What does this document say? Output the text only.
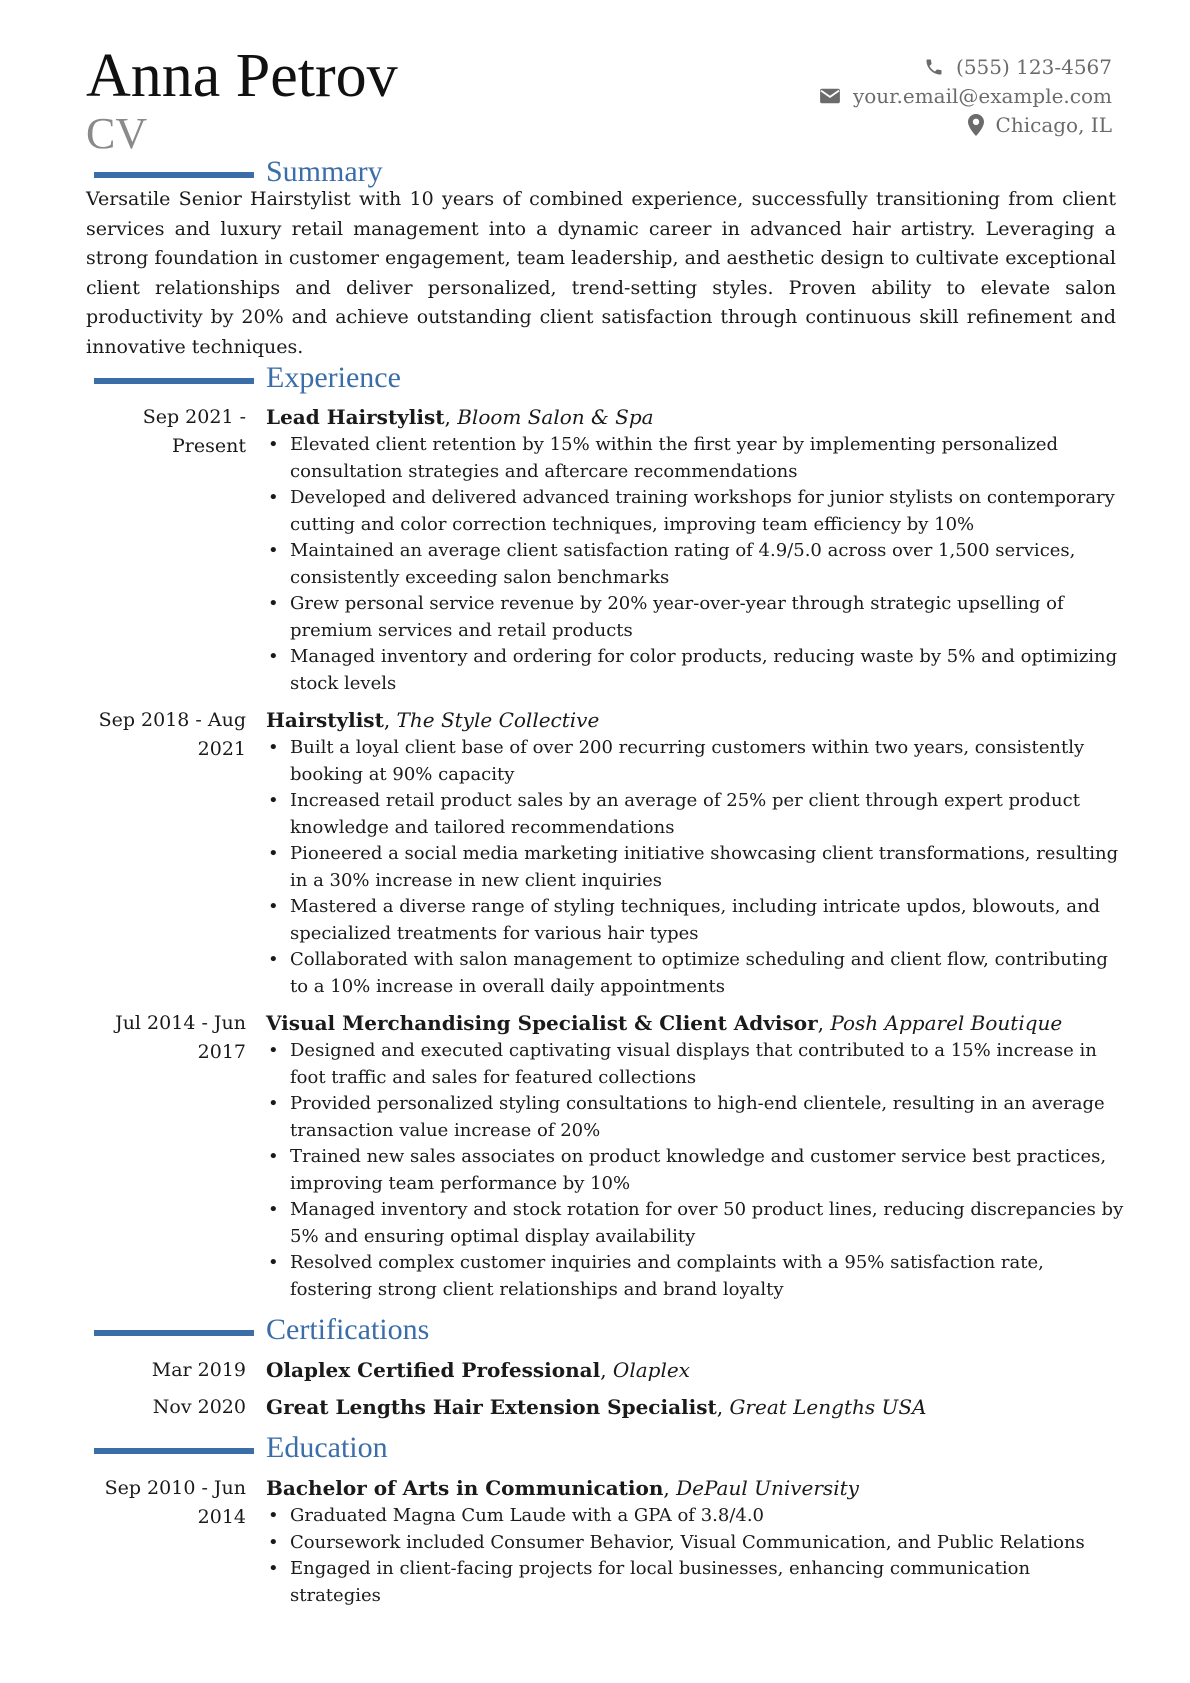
Anna Petrov
CV
(555) 123-4567
your.email@example.com
Chicago, IL
Summary
Versatile Senior Hairstylist with 10 years of combined experience, successfully transitioning from client services and luxury retail management into a dynamic career in advanced hair artistry. Leveraging a strong foundation in customer engagement, team leadership, and aesthetic design to cultivate exceptional client relationships and deliver personalized, trend-setting styles. Proven ability to elevate salon productivity by 20% and achieve outstanding client satisfaction through continuous skill refinement and innovative techniques.
Experience
Sep 2021 - Present
Lead Hairstylist, Bloom Salon & Spa
• Elevated client retention by 15% within the first year by implementing personalized consultation strategies and aftercare recommendations
• Developed and delivered advanced training workshops for junior stylists on contemporary cutting and color correction techniques, improving team efficiency by 10%
• Maintained an average client satisfaction rating of 4.9/5.0 across over 1,500 services, consistently exceeding salon benchmarks
• Grew personal service revenue by 20% year-over-year through strategic upselling of premium services and retail products
• Managed inventory and ordering for color products, reducing waste by 5% and optimizing stock levels
Sep 2018 - Aug 2021
Hairstylist, The Style Collective
• Built a loyal client base of over 200 recurring customers within two years, consistently booking at 90% capacity
• Increased retail product sales by an average of 25% per client through expert product knowledge and tailored recommendations
• Pioneered a social media marketing initiative showcasing client transformations, resulting in a 30% increase in new client inquiries
• Mastered a diverse range of styling techniques, including intricate updos, blowouts, and specialized treatments for various hair types
• Collaborated with salon management to optimize scheduling and client flow, contributing to a 10% increase in overall daily appointments
Jul 2014 - Jun 2017
Visual Merchandising Specialist & Client Advisor, Posh Apparel Boutique
• Designed and executed captivating visual displays that contributed to a 15% increase in foot traffic and sales for featured collections
• Provided personalized styling consultations to high-end clientele, resulting in an average transaction value increase of 20%
• Trained new sales associates on product knowledge and customer service best practices, improving team performance by 10%
• Managed inventory and stock rotation for over 50 product lines, reducing discrepancies by 5% and ensuring optimal display availability
• Resolved complex customer inquiries and complaints with a 95% satisfaction rate, fostering strong client relationships and brand loyalty
Certifications
Mar 2019 Olaplex Certified Professional, Olaplex
Nov 2020 Great Lengths Hair Extension Specialist, Great Lengths USA
Education
Sep 2010 - Jun 2014
Bachelor of Arts in Communication, DePaul University
• Graduated Magna Cum Laude with a GPA of 3.8/4.0
• Coursework included Consumer Behavior, Visual Communication, and Public Relations
• Engaged in client-facing projects for local businesses, enhancing communication strategies
